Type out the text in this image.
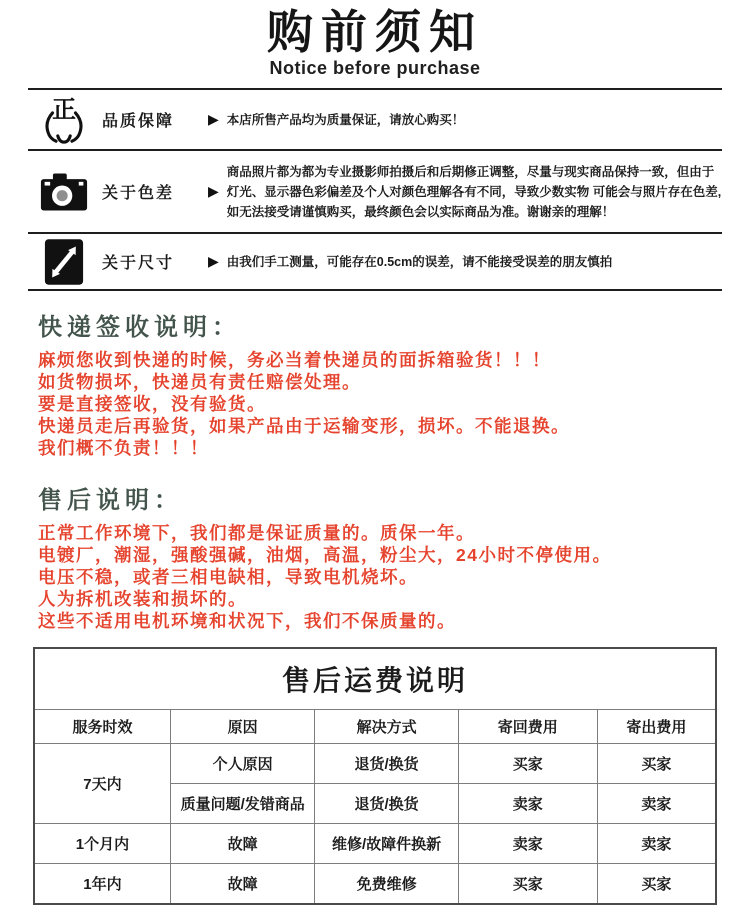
购前须知
Notice before purchase
正 品质保障	▶ 本店所售产品均为质量保证，请放心购买！
关于色差	▶
商品照片都为都为专业摄影师拍摄后和后期修正调整，尽量与现实商品保持一致，但由于
灯光、显示器色彩偏差及个人对颜色理解各有不同，导致少数实物 可能会与照片存在色差,
如无法接受请谨慎购买，最终颜色会以实际商品为准。谢谢亲的理解！
关于尺寸	▶ 由我们手工测量，可能存在0.5cm的误差，请不能接受误差的朋友慎拍
快递签收说明：
麻烦您收到快递的时候，务必当着快递员的面拆箱验货！！！
如货物损坏，快递员有责任赔偿处理。
要是直接签收，没有验货。
快递员走后再验货，如果产品由于运输变形，损坏。不能退换。
我们概不负责！！！
售后说明：
正常工作环境下，我们都是保证质量的。质保一年。
电镀厂，潮湿，强酸强碱，油烟，高温，粉尘大，24小时不停使用。
电压不稳，或者三相电缺相，导致电机烧坏。
人为拆机改装和损坏的。
这些不适用电机环境和状况下，我们不保质量的。
售后运费说明				
服务时效	原因	解决方式	寄回费用	寄出费用
7天内	个人原因	退货/换货	买家	买家
	质量问题/发错商品	退货/换货	卖家	卖家
1个月内	故障	维修/故障件换新	卖家	卖家
1年内	故障	免费维修	买家	买家
